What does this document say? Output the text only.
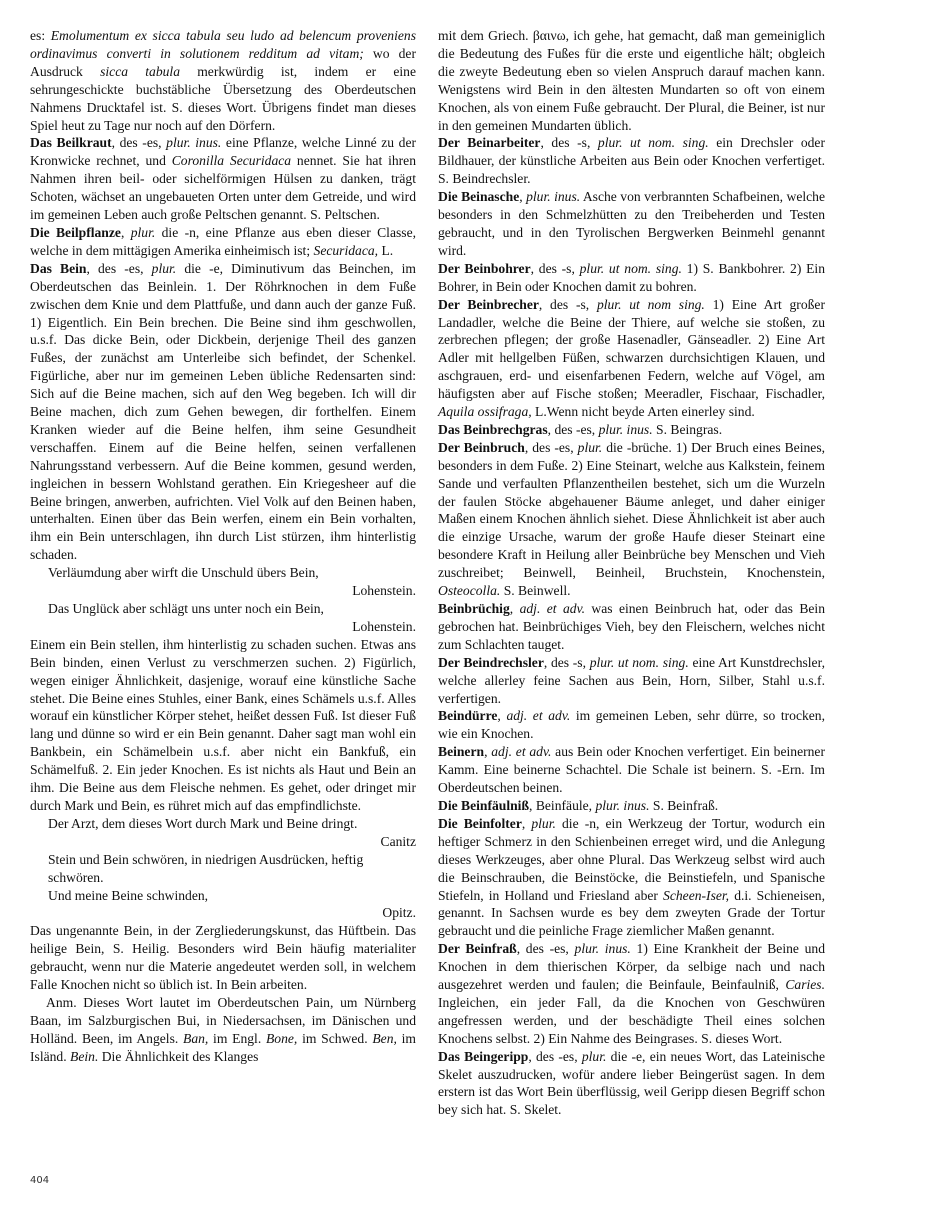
es: Emolumentum ex sicca tabula seu ludo ad belencum proveniens ordinavimus converti in solutionem redditum ad vitam; wo der Ausdruck sicca tabula merkwürdig ist, indem er eine sehrungeschickte buchstäbliche Übersetzung des Oberdeutschen Nahmens Drucktafel ist. S. dieses Wort. Übrigens findet man dieses Spiel heut zu Tage nur noch auf den Dörfern.

Das Beilkraut, des -es, plur. inus. eine Pflanze, welche Linné zu der Kronwicke rechnet, und Coronilla Securidaca nennet. Sie hat ihren Nahmen ihren beil- oder sichelförmigen Hülsen zu danken, trägt Schoten, wächset an ungebaueten Orten unter dem Getreide, und wird im gemeinen Leben auch große Peltschen genannt. S. Peltschen.

Die Beilpflanze, plur. die -n, eine Pflanze aus eben dieser Classe, welche in dem mittägigen Amerika einheimisch ist; Securidaca, L.

Das Bein, des -es, plur. die -e, Diminutivum das Beinchen, im Oberdeutschen das Beinlein. 1. Der Röhrknochen in dem Fuße zwischen dem Knie und dem Plattfuße, und dann auch der ganze Fuß. 1) Eigentlich. Ein Bein brechen. Die Beine sind ihm geschwollen, u.s.f. Das dicke Bein, oder Dickbein, derjenige Theil des ganzen Fußes, der zunächst am Unterleibe sich befindet, der Schenkel. Figürliche, aber nur im gemeinen Leben übliche Redensarten sind: Sich auf die Beine machen, sich auf den Weg begeben. Ich will dir Beine machen, dich zum Gehen bewegen, dir forthelfen. Einem Kranken wieder auf die Beine helfen, ihm seine Gesundheit verschaffen. Einem auf die Beine helfen, seinen verfallenen Nahrungsstand verbessern. Auf die Beine kommen, gesund werden, ingleichen in bessern Wohlstand gerathen. Ein Kriegesheer auf die Beine bringen, anwerben, aufrichten. Viel Volk auf den Beinen haben, unterhalten. Einen über das Bein werfen, einem ein Bein vorhalten, ihm ein Bein unterschlagen, ihn durch List stürzen, ihm hinterlistig schaden.

Verläumdung aber wirft die Unschuld übers Bein,

Lohenstein.

Das Unglück aber schlägt uns unter noch ein Bein,

Lohenstein.

Einem ein Bein stellen, ihm hinterlistig zu schaden suchen. Etwas ans Bein binden, einen Verlust zu verschmerzen suchen. 2) Figürlich, wegen einiger Ähnlichkeit, dasjenige, worauf eine künstliche Sache stehet. Die Beine eines Stuhles, einer Bank, eines Schämels u.s.f. Alles worauf ein künstlicher Körper stehet, heißet dessen Fuß. Ist dieser Fuß lang und dünne so wird er ein Bein genannt. Daher sagt man wohl ein Bankbein, ein Schämelbein u.s.f. aber nicht ein Bankfuß, ein Schämelfuß. 2. Ein jeder Knochen. Es ist nichts als Haut und Bein an ihm. Die Beine aus dem Fleische nehmen. Es gehet, oder dringet mir durch Mark und Bein, es rühret mich auf das empfindlichste.

Der Arzt, dem dieses Wort durch Mark und Beine dringt.

Canitz

Stein und Bein schwören, in niedrigen Ausdrücken, heftig schwören.

Und meine Beine schwinden,

Opitz.

Das ungenannte Bein, in der Zergliederungskunst, das Hüftbein. Das heilige Bein, S. Heilig. Besonders wird Bein häufig materialiter gebraucht, wenn nur die Materie angedeutet werden soll, in welchem Falle Knochen nicht so üblich ist. In Bein arbeiten.

Anm. Dieses Wort lautet im Oberdeutschen Pain, um Nürnberg Baan, im Salzburgischen Bui, in Niedersachsen, im Dänischen und Holländ. Been, im Angels. Ban, im Engl. Bone, im Schwed. Ben, im Isländ. Bein. Die Ähnlichkeit des Klanges

mit dem Griech. βαινω, ich gehe, hat gemacht, daß man gemeiniglich die Bedeutung des Fußes für die erste und eigentliche hält; obgleich die zweyte Bedeutung eben so vielen Anspruch darauf machen kann. Wenigstens wird Bein in den ältesten Mundarten so oft von einem Knochen, als von einem Fuße gebraucht. Der Plural, die Beiner, ist nur in den gemeinen Mundarten üblich.

Der Beinarbeiter, des -s, plur. ut nom. sing. ein Drechsler oder Bildhauer, der künstliche Arbeiten aus Bein oder Knochen verfertiget. S. Beindrechsler.

Die Beinasche, plur. inus. Asche von verbrannten Schafbeinen, welche besonders in den Schmelzhütten zu den Treibeherden und Testen gebraucht, und in den Tyrolischen Bergwerken Beinmehl genannt wird.

Der Beinbohrer, des -s, plur. ut nom. sing. 1) S. Bankbohrer. 2) Ein Bohrer, in Bein oder Knochen damit zu bohren.

Der Beinbrecher, des -s, plur. ut nom sing. 1) Eine Art großer Landadler, welche die Beine der Thiere, auf welche sie stoßen, zu zerbrechen pflegen; der große Hasenadler, Gänseadler. 2) Eine Art Adler mit hellgelben Füßen, schwarzen durchsichtigen Klauen, und aschgrauen, erd- und eisenfarbenen Federn, welche auf Vögel, am häufigsten aber auf Fische stoßen; Meeradler, Fischaar, Fischadler, Aquila ossifraga, L.Wenn nicht beyde Arten einerley sind.

Das Beinbrechgras, des -es, plur. inus. S. Beingras.

Der Beinbruch, des -es, plur. die -brüche. 1) Der Bruch eines Beines, besonders in dem Fuße. 2) Eine Steinart, welche aus Kalkstein, feinem Sande und verfaulten Pflanzentheilen bestehet, sich um die Wurzeln der faulen Stöcke abgehauener Bäume anleget, und daher einiger Maßen einem Knochen ähnlich siehet. Diese Ähnlichkeit ist aber auch die einzige Ursache, warum der große Haufe dieser Steinart eine besondere Kraft in Heilung aller Beinbrüche bey Menschen und Vieh zuschreibet; Beinwell, Beinheil, Bruchstein, Knochenstein, Osteocolla. S. Beinwell.

Beinbrüchig, adj. et adv. was einen Beinbruch hat, oder das Bein gebrochen hat. Beinbrüchiges Vieh, bey den Fleischern, welches nicht zum Schlachten tauget.

Der Beindrechsler, des -s, plur. ut nom. sing. eine Art Kunstdrechsler, welche allerley feine Sachen aus Bein, Horn, Silber, Stahl u.s.f. verfertigen.

Beindürre, adj. et adv. im gemeinen Leben, sehr dürre, so trocken, wie ein Knochen.

Beinern, adj. et adv. aus Bein oder Knochen verfertiget. Ein beinerner Kamm. Eine beinerne Schachtel. Die Schale ist beinern. S. -Ern. Im Oberdeutschen beinen.

Die Beinfäulniß, Beinfäule, plur. inus. S. Beinfraß.

Die Beinfolter, plur. die -n, ein Werkzeug der Tortur, wodurch ein heftiger Schmerz in den Schienbeinen erreget wird, und die Anlegung dieses Werkzeuges, aber ohne Plural. Das Werkzeug selbst wird auch die Beinschrauben, die Beinstöcke, die Beinstiefeln, und Spanische Stiefeln, in Holland und Friesland aber Scheen-Iser, d.i. Schieneisen, genannt. In Sachsen wurde es bey dem zweyten Grade der Tortur gebraucht und die peinliche Frage ziemlicher Maßen genannt.

Der Beinfraß, des -es, plur. inus. 1) Eine Krankheit der Beine und Knochen in dem thierischen Körper, da selbige nach und nach ausgezehret werden und faulen; die Beinfaule, Beinfaulniß, Caries. Ingleichen, ein jeder Fall, da die Knochen von Geschwüren angefressen werden, und der beschädigte Theil eines solchen Knochens selbst. 2) Ein Nahme des Beingrases. S. dieses Wort.

Das Beingeripp, des -es, plur. die -e, ein neues Wort, das Lateinische Skelet auszudrucken, wofür andere lieber Beingerüst sagen. In dem erstern ist das Wort Bein überflüssig, weil Geripp diesen Begriff schon bey sich hat. S. Skelet.

404
